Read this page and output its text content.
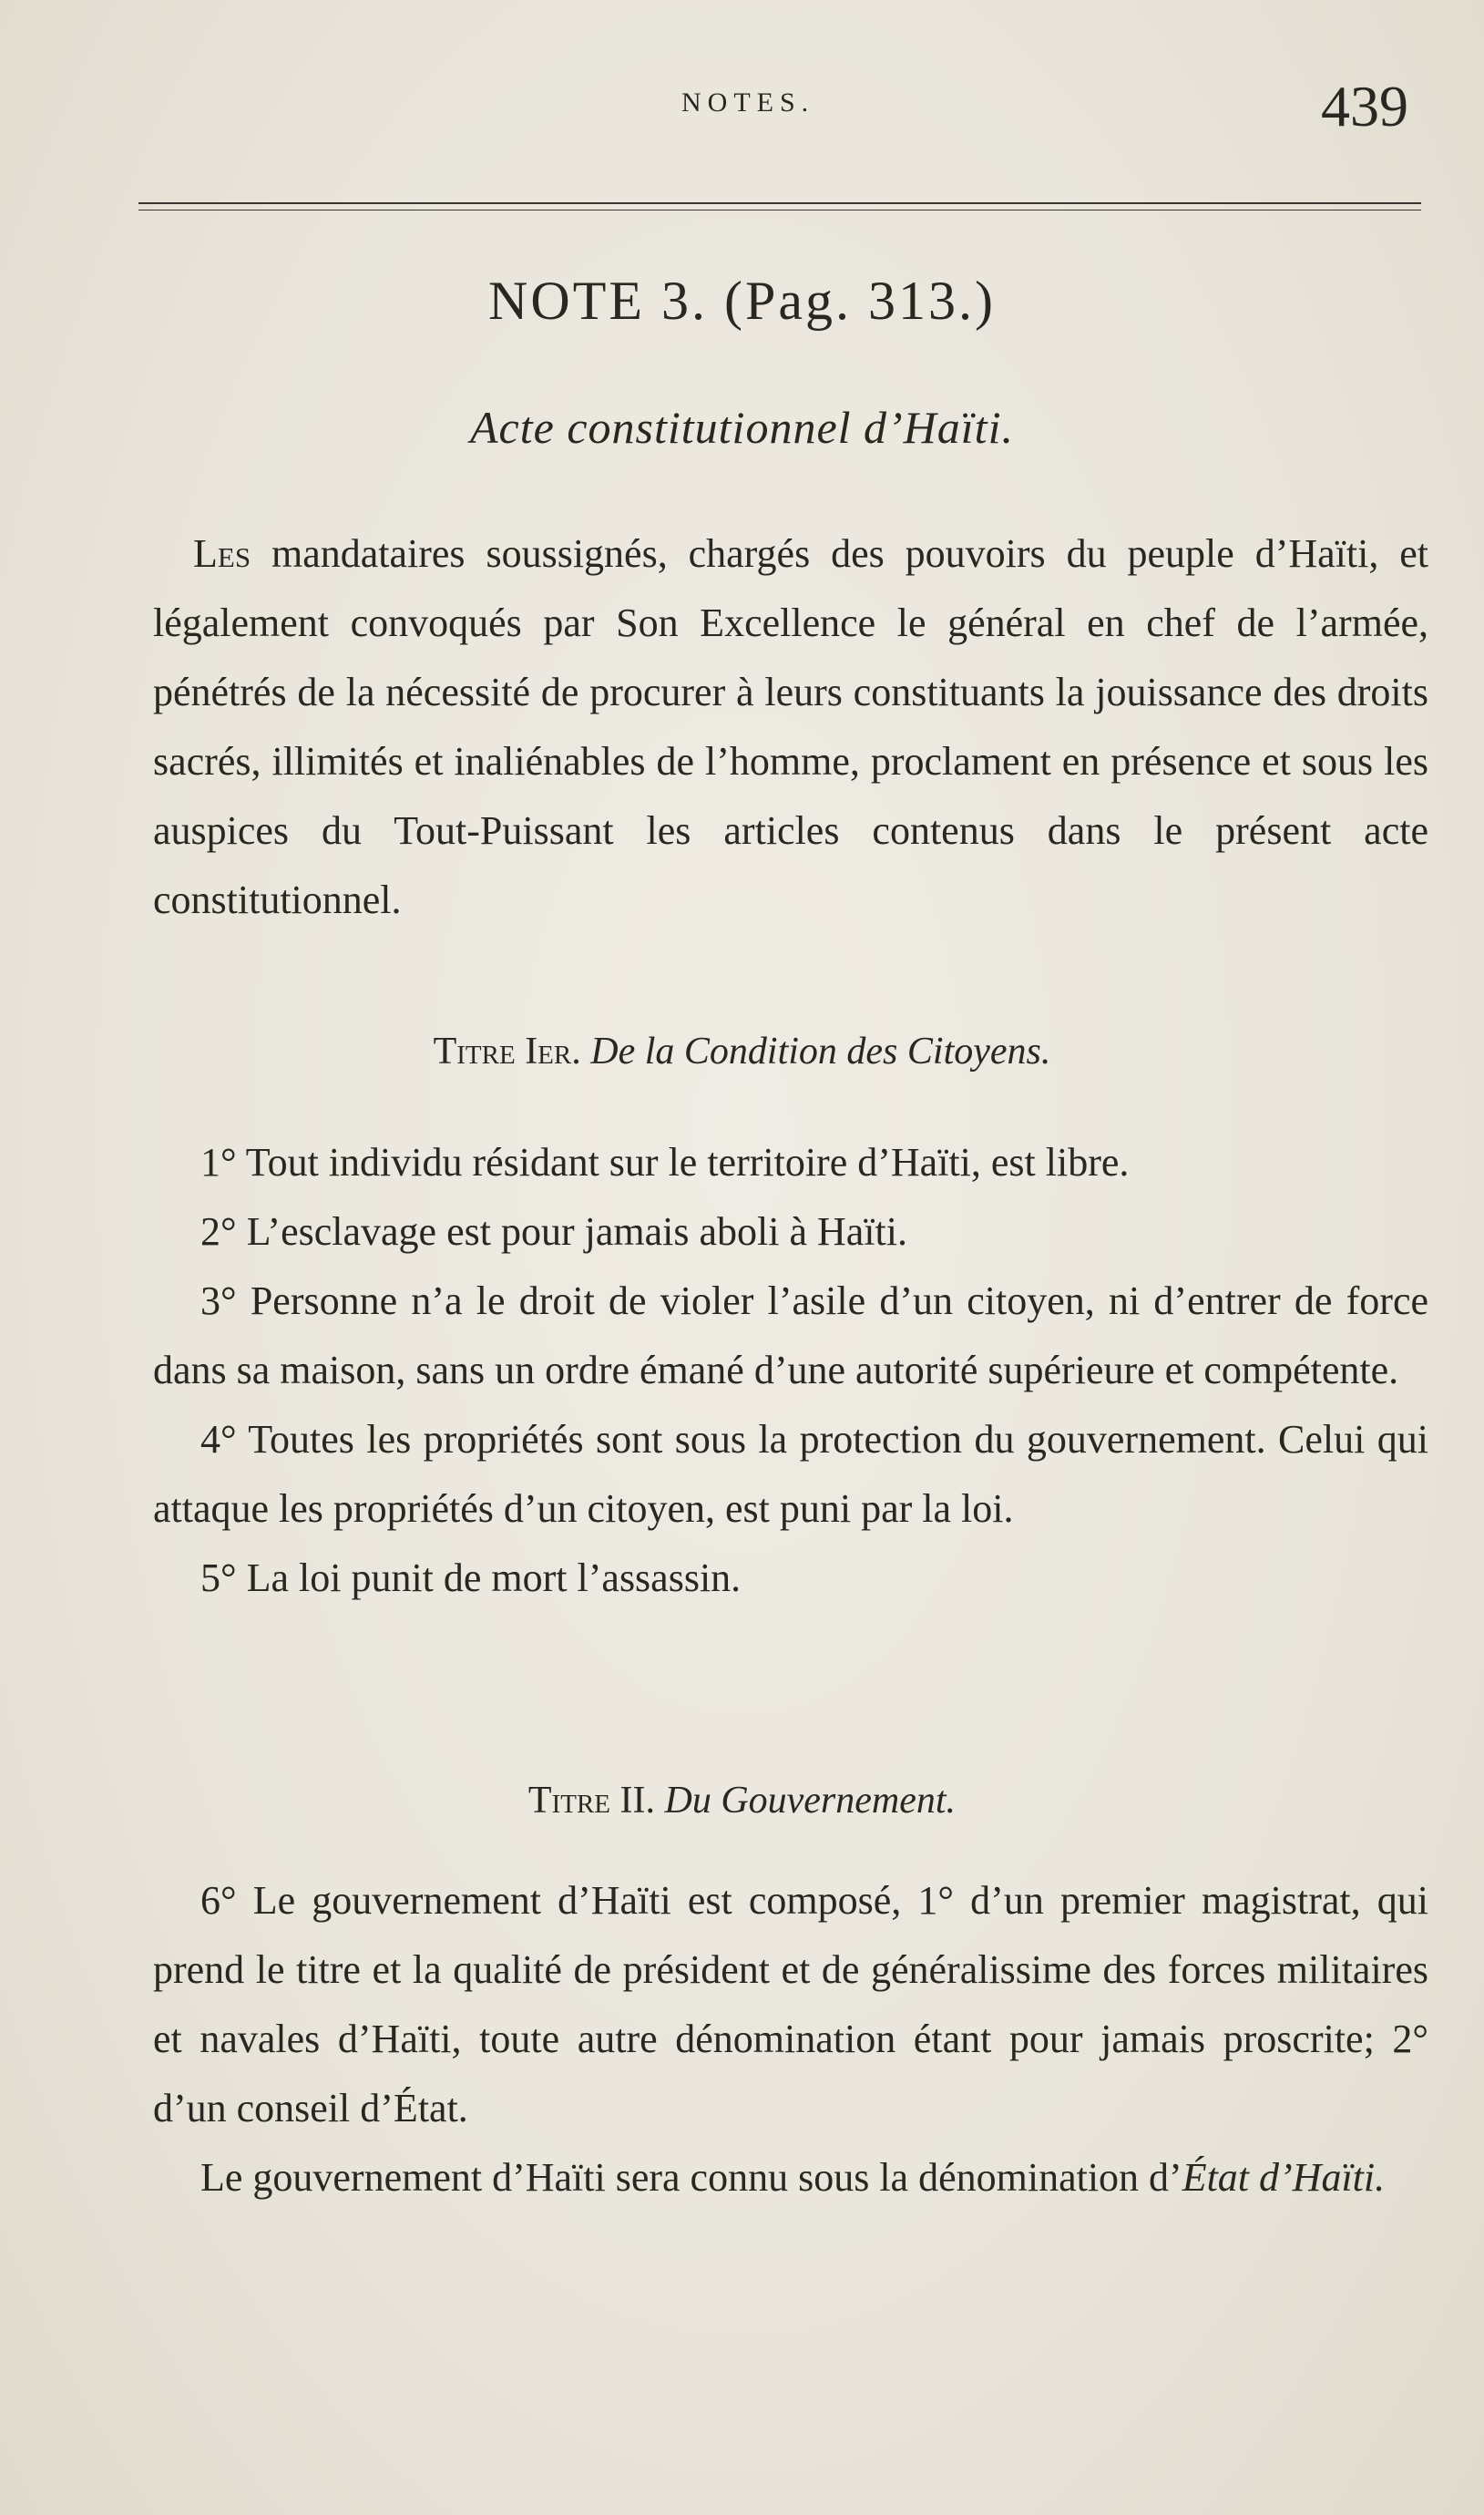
NOTES.	439
NOTE 3. (Pag. 313.)
Acte constitutionnel d’Haïti.

Les mandataires soussignés, chargés des pouvoirs du peuple d’Haïti, et légalement convoqués par Son Excellence le général en chef de l’armée, pénétrés de la nécessité de procurer à leurs constituants la jouissance des droits sacrés, illimités et inaliénables de l’homme, proclament en présence et sous les auspices du Tout-Puissant les articles contenus dans le présent acte constitutionnel.

Titre Ier. De la Condition des Citoyens.

1° Tout individu résidant sur le territoire d’Haïti, est libre.

2° L’esclavage est pour jamais aboli à Haïti.

3° Personne n’a le droit de violer l’asile d’un citoyen, ni d’entrer de force dans sa maison, sans un ordre émané d’une autorité supérieure et compétente.

4° Toutes les propriétés sont sous la protection du gouvernement. Celui qui attaque les propriétés d’un citoyen, est puni par la loi.

5° La loi punit de mort l’assassin.

Titre II. Du Gouvernement.

6° Le gouvernement d’Haïti est composé, 1° d’un premier magistrat, qui prend le titre et la qualité de président et de généralissime des forces militaires et navales d’Haïti, toute autre dénomination étant pour jamais proscrite; 2° d’un conseil d’État.

Le gouvernement d’Haïti sera connu sous la dénomination d’État d’Haïti.
